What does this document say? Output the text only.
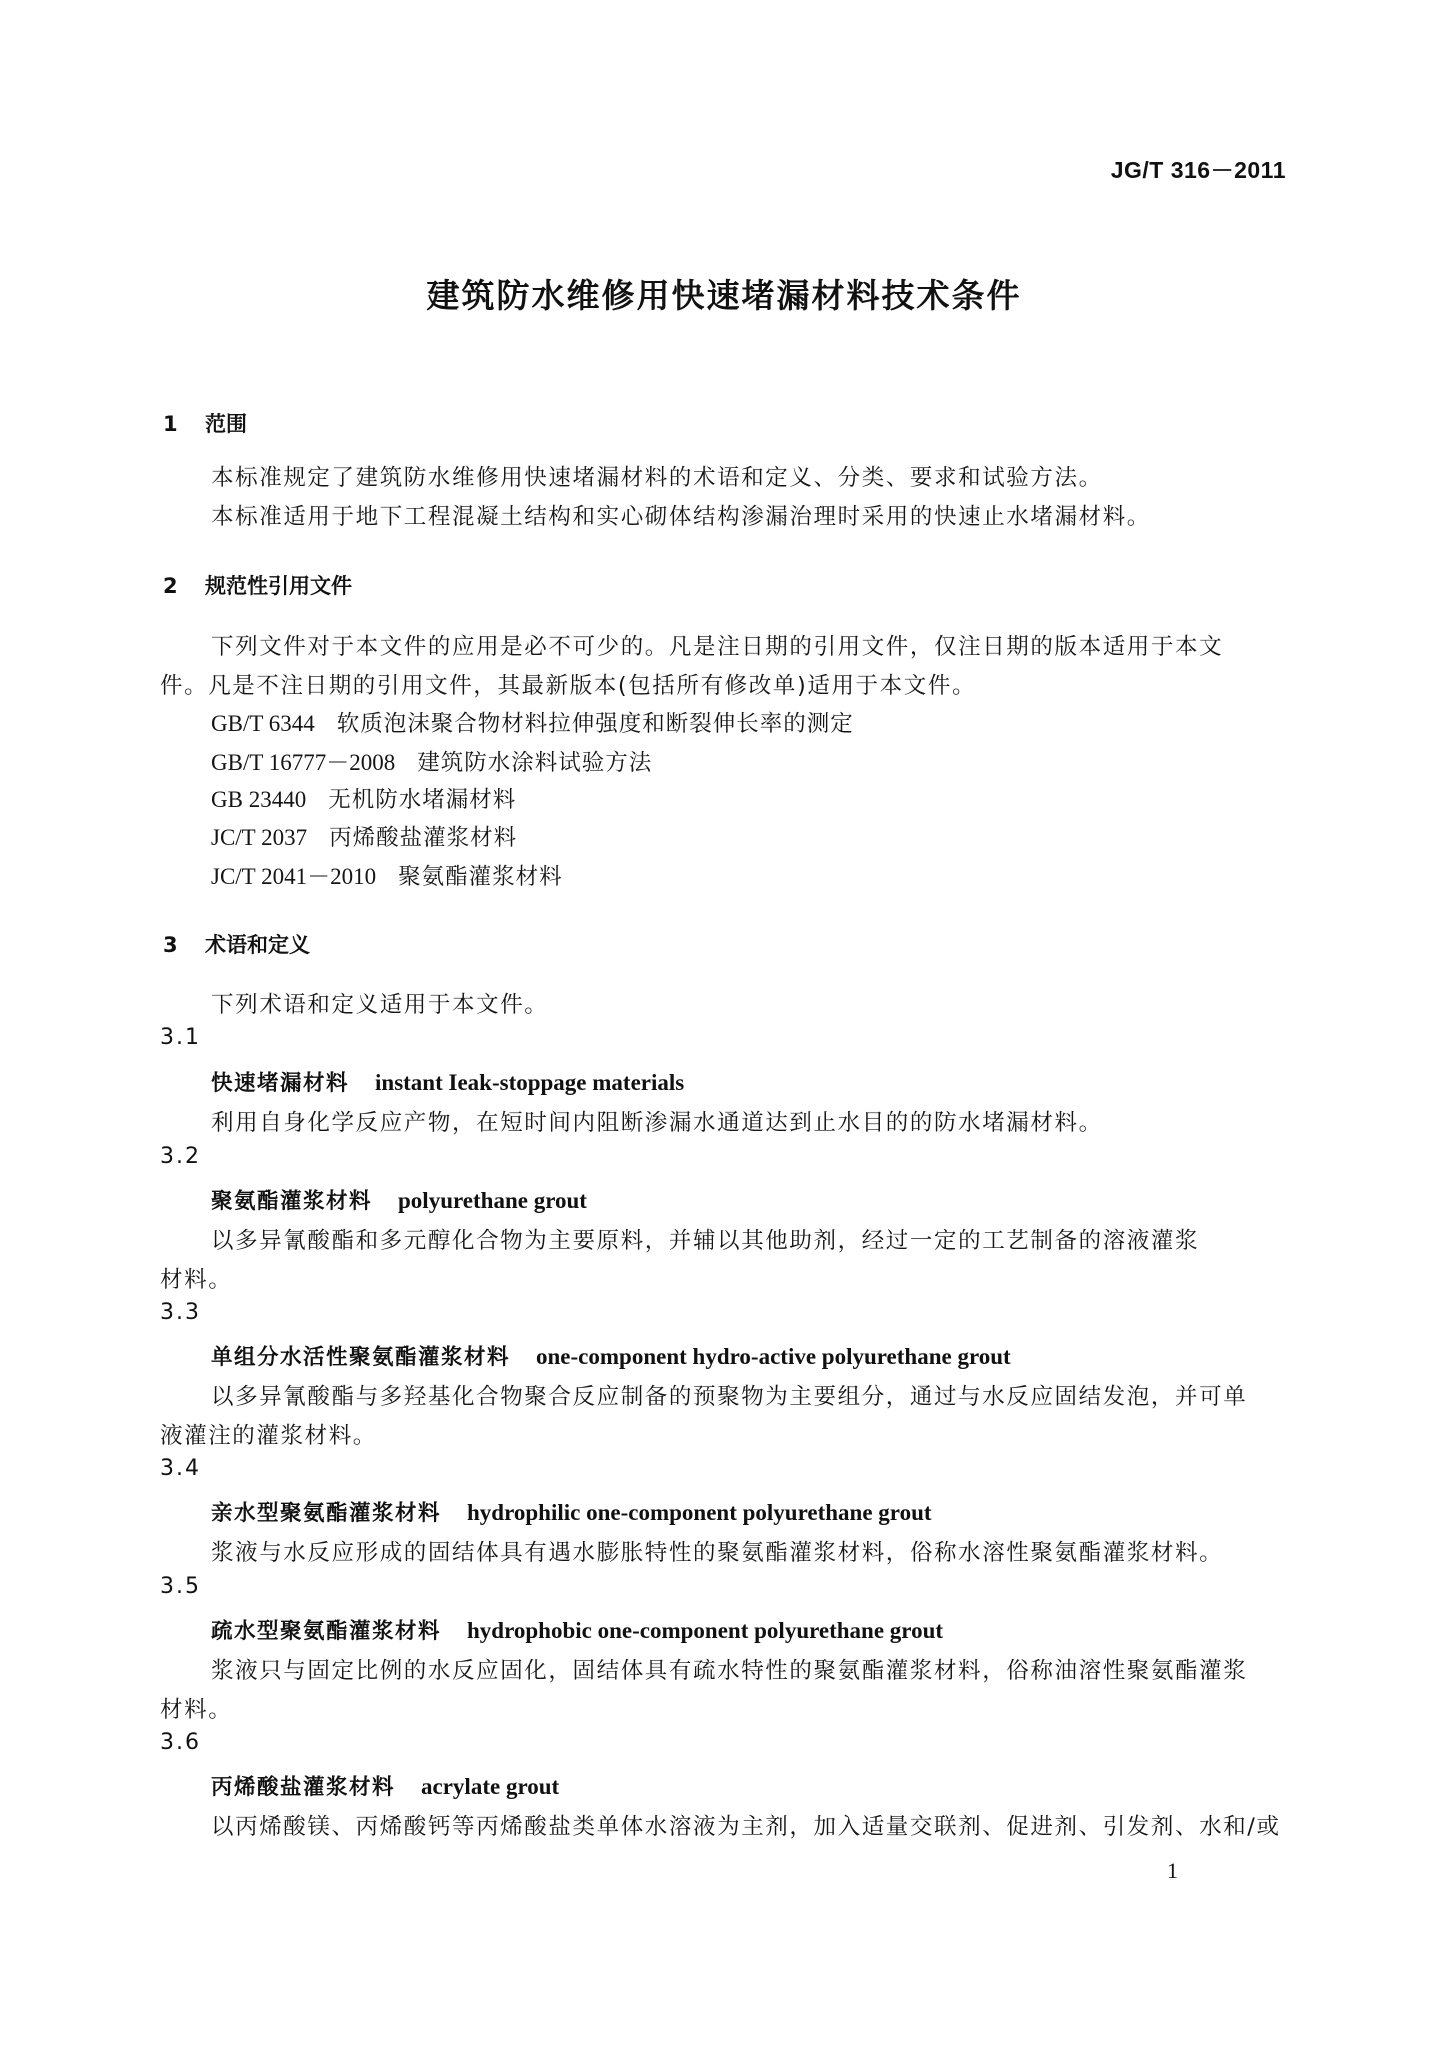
JG/T 316－2011
建筑防水维修用快速堵漏材料技术条件
1 范围
本标准规定了建筑防水维修用快速堵漏材料的术语和定义、分类、要求和试验方法。
本标准适用于地下工程混凝土结构和实心砌体结构渗漏治理时采用的快速止水堵漏材料。
2 规范性引用文件
下列文件对于本文件的应用是必不可少的。凡是注日期的引用文件，仅注日期的版本适用于本文
件。凡是不注日期的引用文件，其最新版本(包括所有修改单)适用于本文件。
GB/T 6344 软质泡沫聚合物材料拉伸强度和断裂伸长率的测定
GB/T 16777－2008 建筑防水涂料试验方法
GB 23440 无机防水堵漏材料
JC/T 2037 丙烯酸盐灌浆材料
JC/T 2041－2010 聚氨酯灌浆材料
3 术语和定义
下列术语和定义适用于本文件。
3.1
快速堵漏材料 instant Ieak-stoppage materials
利用自身化学反应产物，在短时间内阻断渗漏水通道达到止水目的的防水堵漏材料。
3.2
聚氨酯灌浆材料 polyurethane grout
以多异氰酸酯和多元醇化合物为主要原料，并辅以其他助剂，经过一定的工艺制备的溶液灌浆
材料。
3.3
单组分水活性聚氨酯灌浆材料 one-component hydro-active polyurethane grout
以多异氰酸酯与多羟基化合物聚合反应制备的预聚物为主要组分，通过与水反应固结发泡，并可单
液灌注的灌浆材料。
3.4
亲水型聚氨酯灌浆材料 hydrophilic one-component polyurethane grout
浆液与水反应形成的固结体具有遇水膨胀特性的聚氨酯灌浆材料，俗称水溶性聚氨酯灌浆材料。
3.5
疏水型聚氨酯灌浆材料 hydrophobic one-component polyurethane grout
浆液只与固定比例的水反应固化，固结体具有疏水特性的聚氨酯灌浆材料，俗称油溶性聚氨酯灌浆
材料。
3.6
丙烯酸盐灌浆材料 acrylate grout
以丙烯酸镁、丙烯酸钙等丙烯酸盐类单体水溶液为主剂，加入适量交联剂、促进剂、引发剂、水和/或
1
